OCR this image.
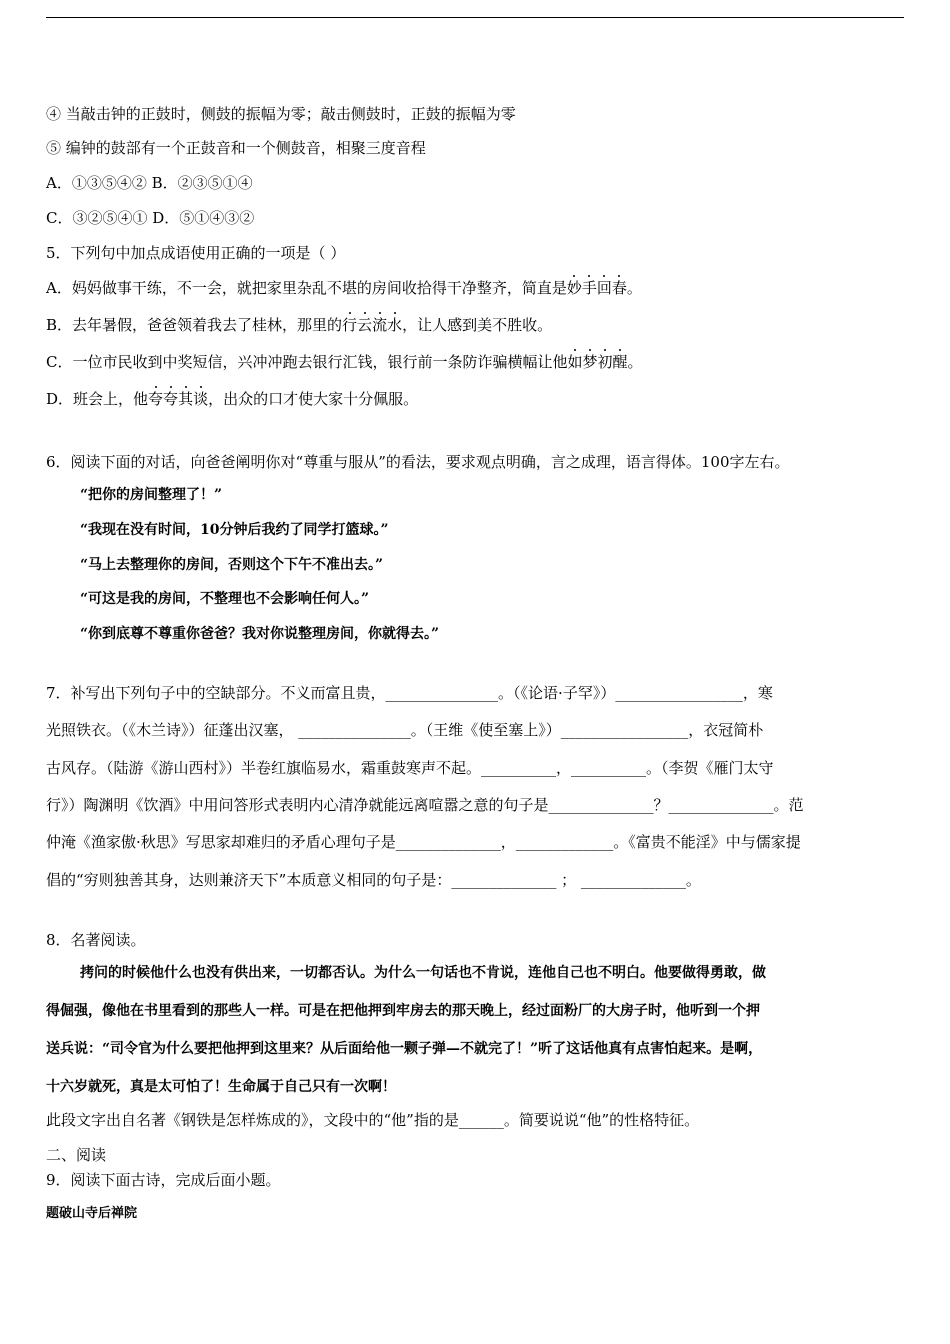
④ 当敲击钟的正鼓时，侧鼓的振幅为零；敲击侧鼓时，正鼓的振幅为零
⑤ 编钟的鼓部有一个正鼓音和一个侧鼓音，相聚三度音程
A．①③⑤④② B．②③⑤①④
C．③②⑤④① D．⑤①④③②
5．下列句中加点成语使用正确的一项是（ ）
A．妈妈做事干练，不一会，就把家里杂乱不堪的房间收拾得干净整齐，简直是妙手回春。
B．去年暑假，爸爸领着我去了桂林，那里的行云流水，让人感到美不胜收。
C．一位市民收到中奖短信，兴冲冲跑去银行汇钱，银行前一条防诈骗横幅让他如梦初醒。
D．班会上，他夸夸其谈，出众的口才使大家十分佩服。
6．阅读下面的对话，向爸爸阐明你对“尊重与服从”的看法，要求观点明确，言之成理，语言得体。100字左右。
“把你的房间整理了！”
“我现在没有时间，10分钟后我约了同学打篮球。”
“马上去整理你的房间，否则这个下午不准出去。”
“可这是我的房间，不整理也不会影响任何人。”
“你到底尊不尊重你爸爸？我对你说整理房间，你就得去。”
7．补写出下列句子中的空缺部分。不义而富且贵，_______________。（《论语·子罕》）_________________，寒
光照铁衣。（《木兰诗》）征蓬出汉塞， _______________。（王维《使至塞上》）_________________，衣冠简朴
古风存。（陆游《游山西村》）半卷红旗临易水，霜重鼓寒声不起。__________，__________。（李贺《雁门太守
行》）陶渊明《饮酒》中用问答形式表明内心清净就能远离喧嚣之意的句子是______________？______________。范
仲淹《渔家傲·秋思》写思家却难归的矛盾心理句子是______________，_____________。《富贵不能淫》中与儒家提
倡的“穷则独善其身，达则兼济天下”本质意义相同的句子是：______________ ； ______________。
8．名著阅读。
拷问的时候他什么也没有供出来，一切都否认。为什么一句话也不肯说，连他自己也不明白。他要做得勇敢，做
得倔强，像他在书里看到的那些人一样。可是在把他押到牢房去的那天晚上，经过面粉厂的大房子时，他听到一个押
送兵说：“司令官为什么要把他押到这里来？从后面给他一颗子弹—不就完了！”听了这话他真有点害怕起来。是啊，
十六岁就死，真是太可怕了！生命属于自己只有一次啊！
此段文字出自名著《钢铁是怎样炼成的》，文段中的“他”指的是______。简要说说“他”的性格特征。
二、阅读
9．阅读下面古诗，完成后面小题。
题破山寺后禅院
